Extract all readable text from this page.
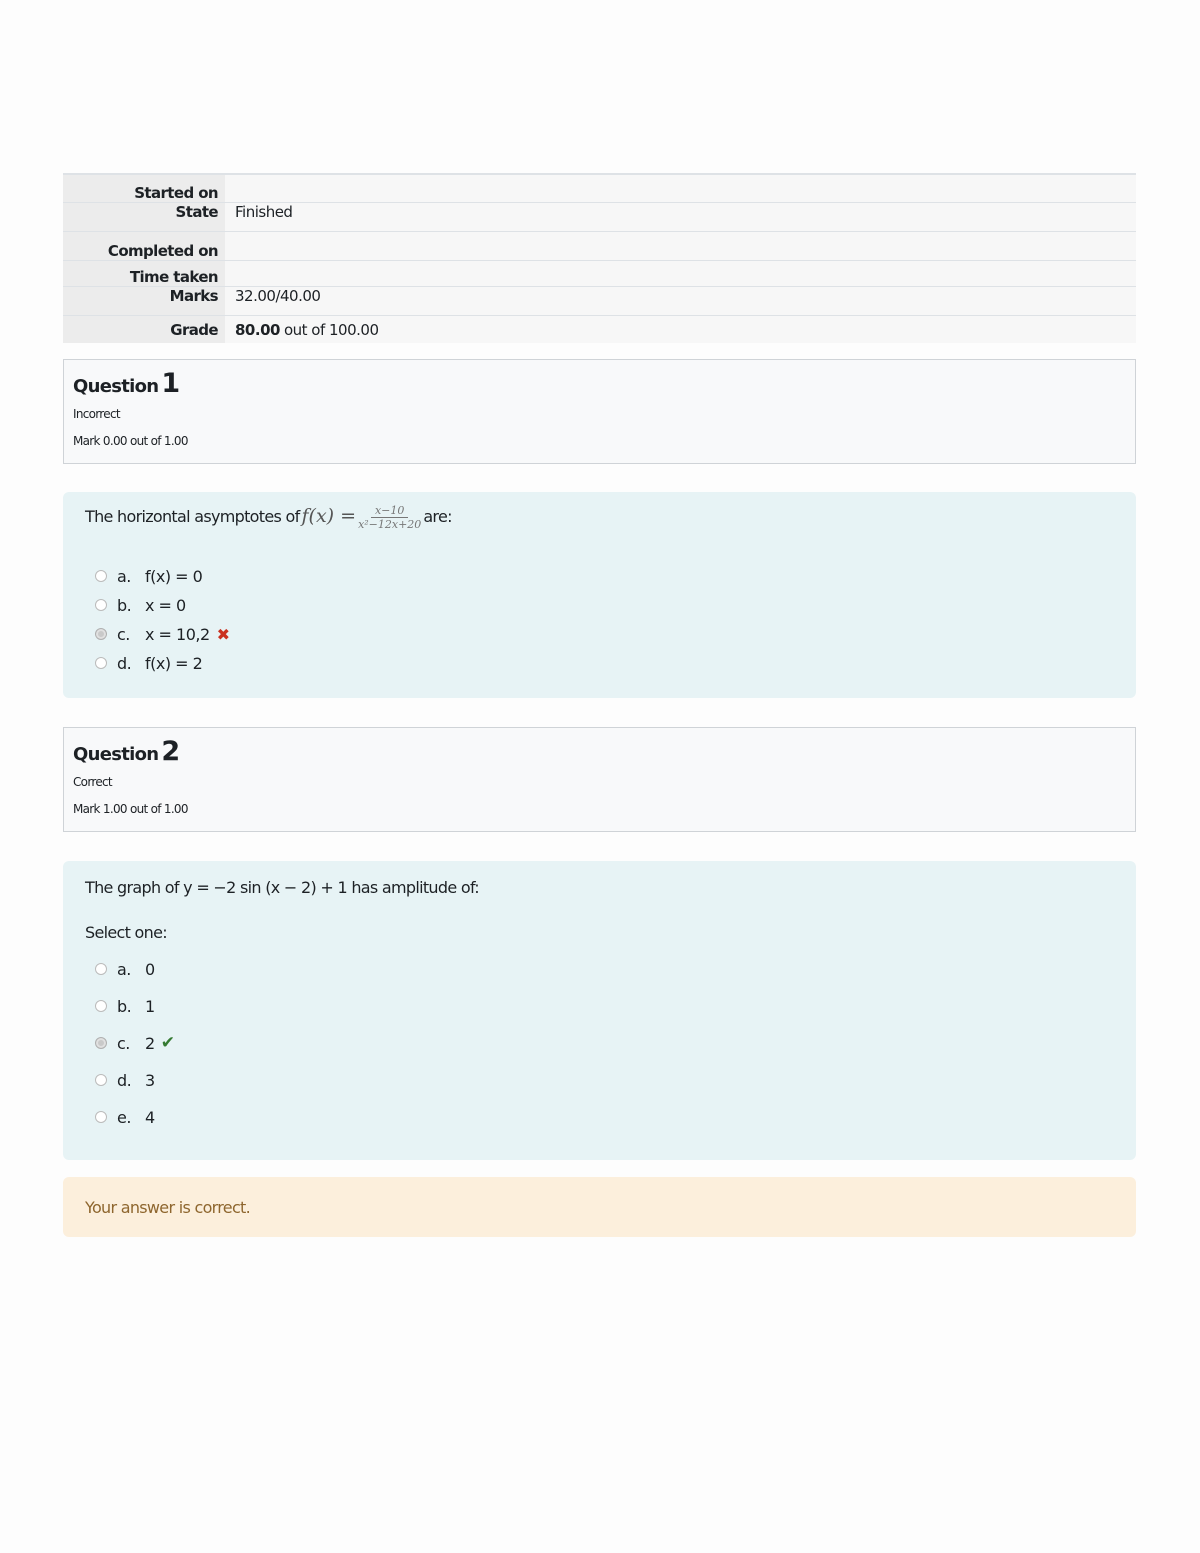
Started on
State	Finished
Completed on
Time taken
Marks	32.00/40.00
Grade	80.00 out of 100.00
Question 1
Incorrect
Mark 0.00 out of 1.00
The horizontal asymptotes of $f(x) = \frac{x-10}{\text{x²−12x+20}}$ are:
a. f(x) = 0
b. x = 0
c. x = 10,2 ✖
d. f(x) = 2
Question 2
Correct
Mark 1.00 out of 1.00
The graph of y = −2 sin (x − 2) + 1 has amplitude of:
Select one:
a. 0
b. 1
c. 2 ✔
d. 3
e. 4
Your answer is correct.
